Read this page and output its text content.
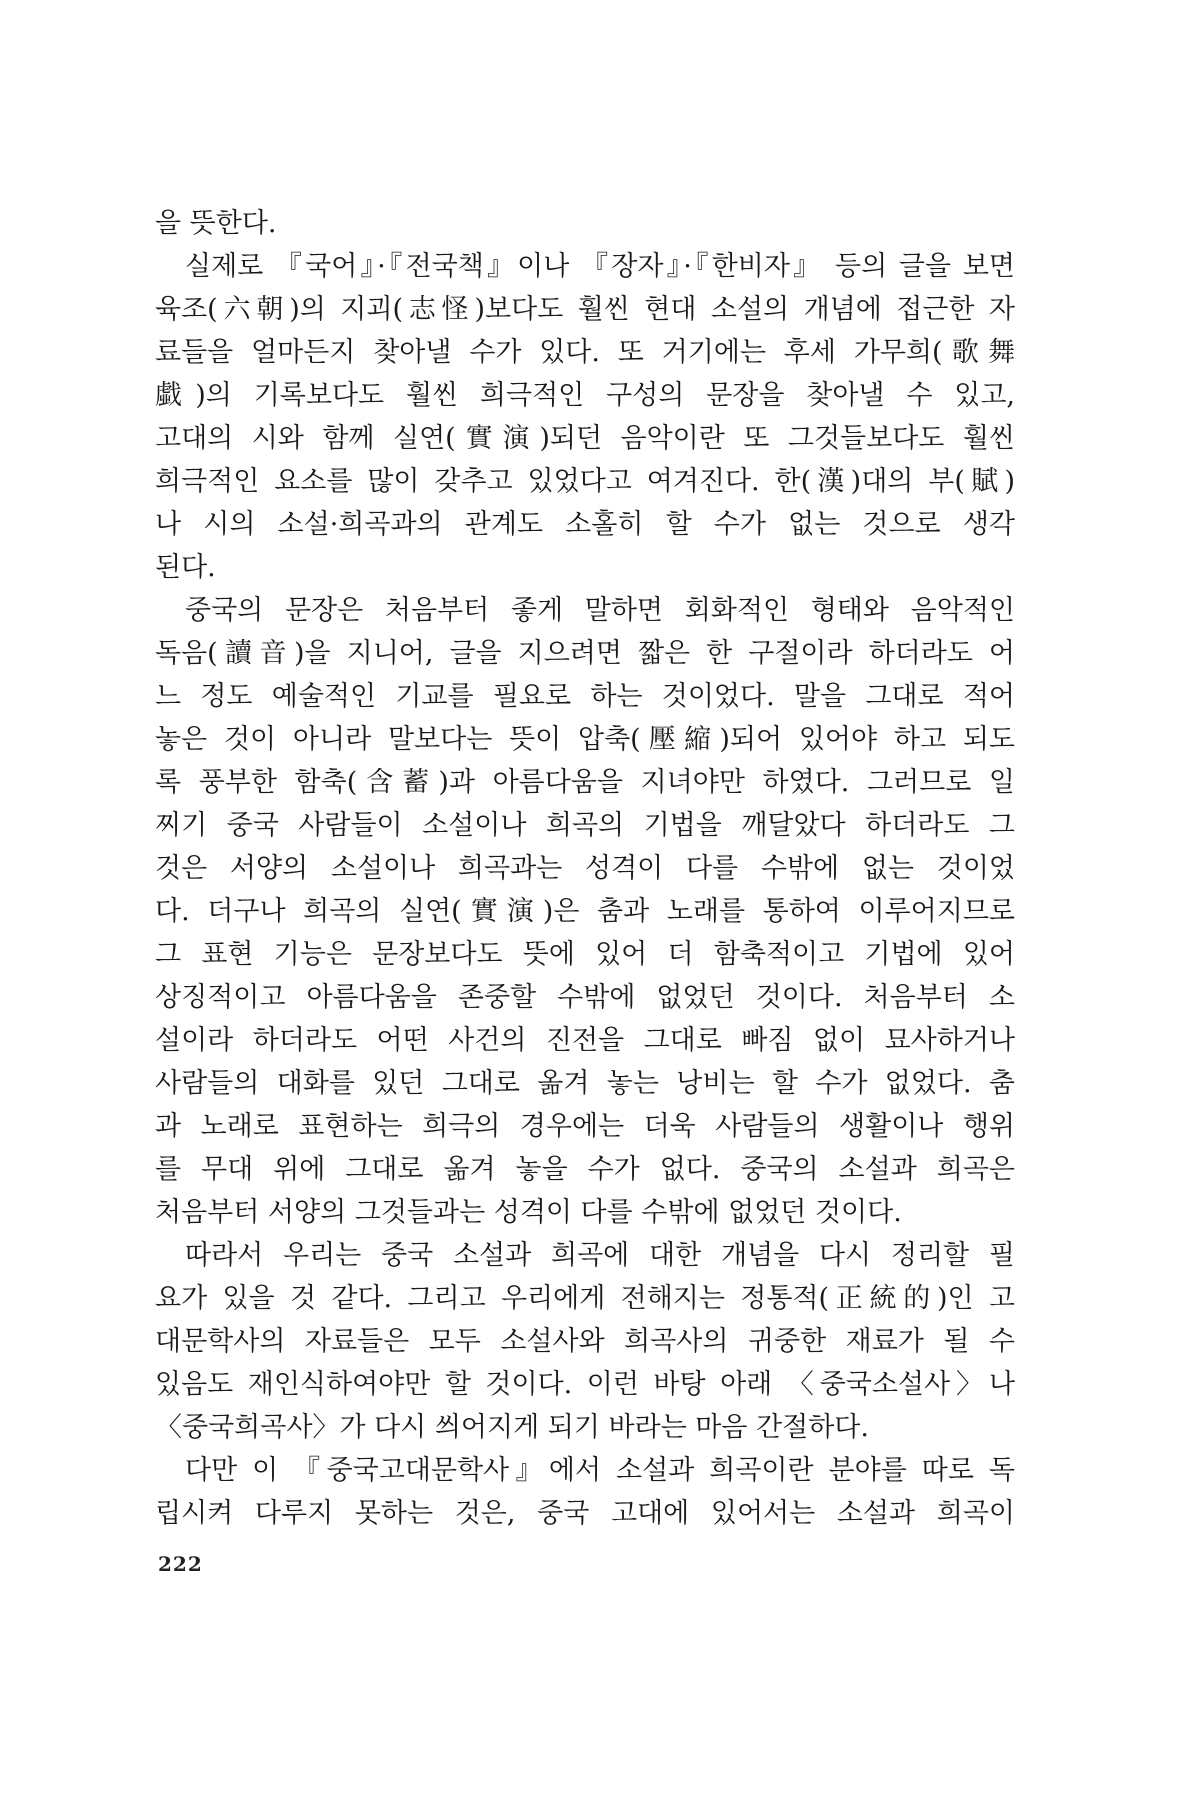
을 뜻한다.
실제로 『국어』·『전국책』이나 『장자』·『한비자』 등의 글을 보면
육조(六朝)의 지괴(志怪)보다도 훨씬 현대 소설의 개념에 접근한 자
료들을 얼마든지 찾아낼 수가 있다. 또 거기에는 후세 가무희(歌舞
戱)의 기록보다도 훨씬 희극적인 구성의 문장을 찾아낼 수 있고,
고대의 시와 함께 실연(實演)되던 음악이란 또 그것들보다도 훨씬
희극적인 요소를 많이 갖추고 있었다고 여겨진다. 한(漢)대의 부(賦)
나 시의 소설·희곡과의 관계도 소홀히 할 수가 없는 것으로 생각
된다.
중국의 문장은 처음부터 좋게 말하면 회화적인 형태와 음악적인
독음(讀音)을 지니어, 글을 지으려면 짧은 한 구절이라 하더라도 어
느 정도 예술적인 기교를 필요로 하는 것이었다. 말을 그대로 적어
놓은 것이 아니라 말보다는 뜻이 압축(壓縮)되어 있어야 하고 되도
록 풍부한 함축(含蓄)과 아름다움을 지녀야만 하였다. 그러므로 일
찌기 중국 사람들이 소설이나 희곡의 기법을 깨달았다 하더라도 그
것은 서양의 소설이나 희곡과는 성격이 다를 수밖에 없는 것이었
다. 더구나 희곡의 실연(實演)은 춤과 노래를 통하여 이루어지므로
그 표현 기능은 문장보다도 뜻에 있어 더 함축적이고 기법에 있어
상징적이고 아름다움을 존중할 수밖에 없었던 것이다. 처음부터 소
설이라 하더라도 어떤 사건의 진전을 그대로 빠짐 없이 묘사하거나
사람들의 대화를 있던 그대로 옮겨 놓는 낭비는 할 수가 없었다. 춤
과 노래로 표현하는 희극의 경우에는 더욱 사람들의 생활이나 행위
를 무대 위에 그대로 옮겨 놓을 수가 없다. 중국의 소설과 희곡은
처음부터 서양의 그것들과는 성격이 다를 수밖에 없었던 것이다.
따라서 우리는 중국 소설과 희곡에 대한 개념을 다시 정리할 필
요가 있을 것 같다. 그리고 우리에게 전해지는 정통적(正統的)인 고
대문학사의 자료들은 모두 소설사와 희곡사의 귀중한 재료가 될 수
있음도 재인식하여야만 할 것이다. 이런 바탕 아래 〈중국소설사〉나
〈중국희곡사〉가 다시 씌어지게 되기 바라는 마음 간절하다.
다만 이 『중국고대문학사』에서 소설과 희곡이란 분야를 따로 독
립시켜 다루지 못하는 것은, 중국 고대에 있어서는 소설과 희곡이
222
